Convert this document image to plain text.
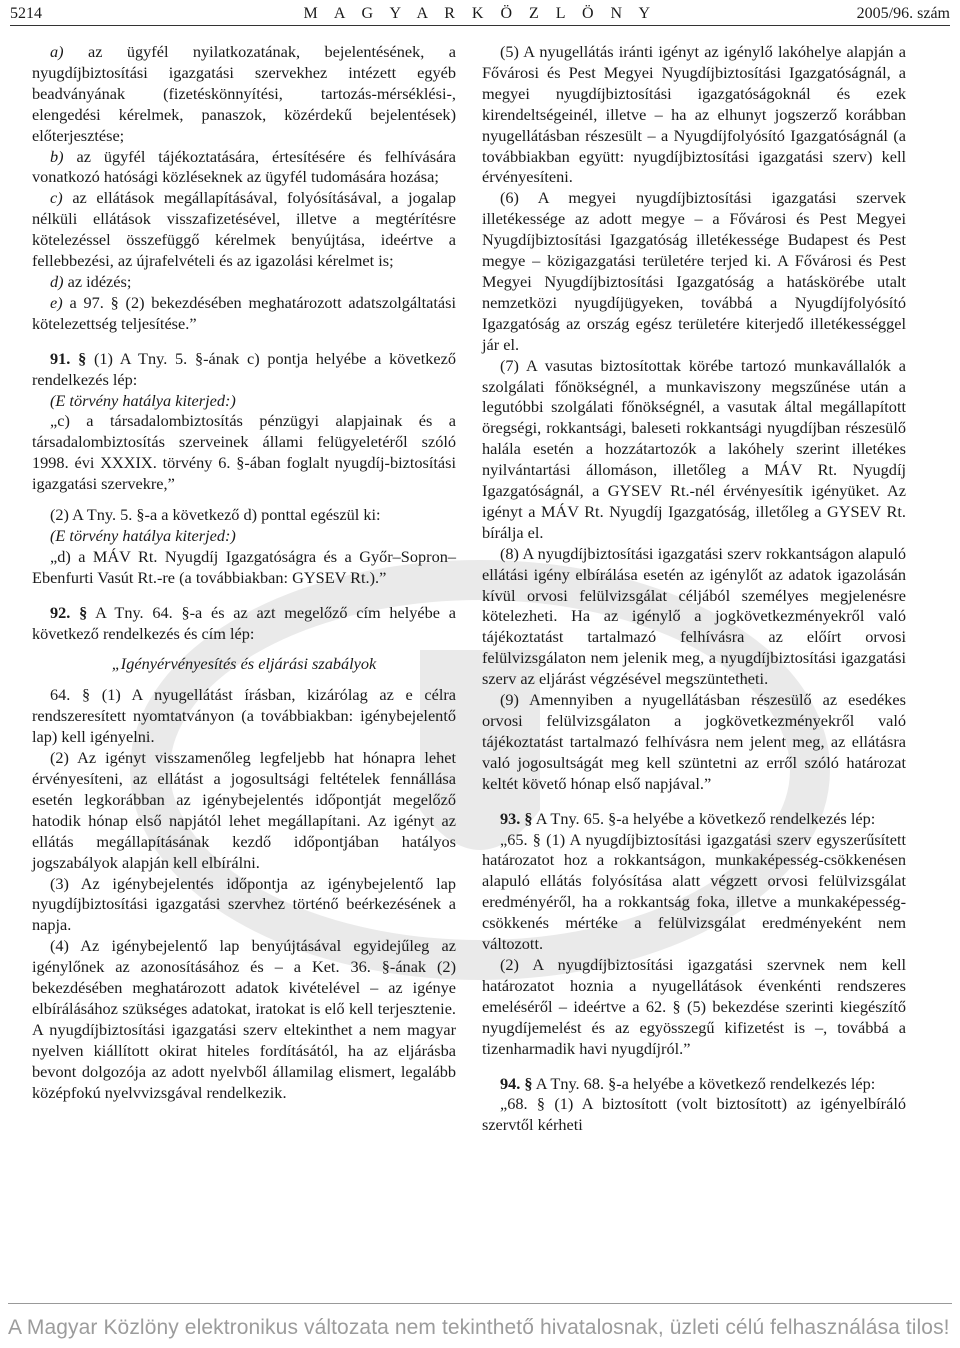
5214	M A G Y A R K Ö Z L Ö N Y	2005/96. szám

a) az ügyfél nyilatkozatának, bejelentésének, a nyugdíjbiztosítási igazgatási szervekhez intézett egyéb beadványának (fizetéskönnyítési, tartozás-mérséklési-, elengedési kérelmek, panaszok, közérdekű bejelentések) előterjesztése;

b) az ügyfél tájékoztatására, értesítésére és felhívására vonatkozó hatósági közléseknek az ügyfél tudomására hozása;

c) az ellátások megállapításával, folyósításával, a jogalap nélküli ellátások visszafizetésével, illetve a megtérítésre kötelezéssel összefüggő kérelmek benyújtása, ideértve a fellebbezési, az újrafelvételi és az igazolási kérelmet is;

d) az idézés;

e) a 97. § (2) bekezdésében meghatározott adatszolgáltatási kötelezettség teljesítése.”

91. § (1) A Tny. 5. §-ának c) pontja helyébe a következő rendelkezés lép:

(E törvény hatálya kiterjed:)

„c) a társadalombiztosítás pénzügyi alapjainak és a társadalombiztosítás szerveinek állami felügyeletéről szóló 1998. évi XXXIX. törvény 6. §-ában foglalt nyugdíj-biztosítási igazgatási szervekre,”

(2) A Tny. 5. §-a a következő d) ponttal egészül ki:

(E törvény hatálya kiterjed:)

„d) a MÁV Rt. Nyugdíj Igazgatóságra és a Győr–Sopron–Ebenfurti Vasút Rt.-re (a továbbiakban: GYSEV Rt.).”

92. § A Tny. 64. §-a és az azt megelőző cím helyébe a következő rendelkezés és cím lép:

„Igényérvényesítés és eljárási szabályok

64. § (1) A nyugellátást írásban, kizárólag az e célra rendszeresített nyomtatványon (a továbbiakban: igénybejelentő lap) kell igényelni.

(2) Az igényt visszamenőleg legfeljebb hat hónapra lehet érvényesíteni, az ellátást a jogosultsági feltételek fennállása esetén legkorábban az igénybejelentés időpontját megelőző hatodik hónap első napjától lehet megállapítani. Az igényt az ellátás megállapításának kezdő időpontjában hatályos jogszabályok alapján kell elbírálni.

(3) Az igénybejelentés időpontja az igénybejelentő lap nyugdíjbiztosítási igazgatási szervhez történő beérkezésének a napja.

(4) Az igénybejelentő lap benyújtásával egyidejűleg az igénylőnek az azonosításához és – a Ket. 36. §-ának (2) bekezdésében meghatározott adatok kivételével – az igénye elbírálásához szükséges adatokat, iratokat is elő kell terjesztenie. A nyugdíjbiztosítási igazgatási szerv eltekinthet a nem magyar nyelven kiállított okirat hiteles fordításától, ha az eljárásba bevont dolgozója az adott nyelvből államilag elismert, legalább középfokú nyelvvizsgával rendelkezik.

(5) A nyugellátás iránti igényt az igénylő lakóhelye alapján a Fővárosi és Pest Megyei Nyugdíjbiztosítási Igazgatóságnál, a megyei nyugdíjbiztosítási igazgatóságoknál és ezek kirendeltségeinél, illetve – ha az elhunyt jogszerző korábban nyugellátásban részesült – a Nyugdíjfolyósító Igazgatóságnál (a továbbiakban együtt: nyugdíjbiztosítási igazgatási szerv) kell érvényesíteni.

(6) A megyei nyugdíjbiztosítási igazgatási szervek illetékessége az adott megye – a Fővárosi és Pest Megyei Nyugdíjbiztosítási Igazgatóság illetékessége Budapest és Pest megye – közigazgatási területére terjed ki. A Fővárosi és Pest Megyei Nyugdíjbiztosítási Igazgatóság a hatáskörébe utalt nemzetközi nyugdíjügyeken, továbbá a Nyugdíjfolyósító Igazgatóság az ország egész területére kiterjedő illetékességgel jár el.

(7) A vasutas biztosítottak körébe tartozó munkavállalók a szolgálati főnökségnél, a munkaviszony megszűnése után a legutóbbi szolgálati főnökségnél, a vasutak által megállapított öregségi, rokkantsági, baleseti rokkantsági nyugdíjban részesülő halála esetén a hozzátartozók a lakóhely szerint illetékes nyilvántartási állomáson, illetőleg a MÁV Rt. Nyugdíj Igazgatóságnál, a GYSEV Rt.-nél érvényesítik igényüket. Az igényt a MÁV Rt. Nyugdíj Igazgatóság, illetőleg a GYSEV Rt. bírálja el.

(8) A nyugdíjbiztosítási igazgatási szerv rokkantságon alapuló ellátási igény elbírálása esetén az igénylőt az adatok igazolásán kívül orvosi felülvizsgálat céljából személyes megjelenésre kötelezheti. Ha az igénylő a jogkövetkezményekről való tájékoztatást tartalmazó felhívásra az előírt orvosi felülvizsgálaton nem jelenik meg, a nyugdíjbiztosítási igazgatási szerv az eljárást végzésével megszüntetheti.

(9) Amennyiben a nyugellátásban részesülő az esedékes orvosi felülvizsgálaton a jogkövetkezményekről való tájékoztatást tartalmazó felhívásra nem jelent meg, az ellátásra való jogosultságát meg kell szüntetni az erről szóló határozat keltét követő hónap első napjával.”

93. § A Tny. 65. §-a helyébe a következő rendelkezés lép:

„65. § (1) A nyugdíjbiztosítási igazgatási szerv egyszerűsített határozatot hoz a rokkantságon, munkaképesség-csökkenésen alapuló ellátás folyósítása alatt végzett orvosi felülvizsgálat eredményéről, ha a rokkantság foka, illetve a munkaképesség-csökkenés mértéke a felülvizsgálat eredményeként nem változott.

(2) A nyugdíjbiztosítási igazgatási szervnek nem kell határozatot hoznia a nyugellátások évenkénti rendszeres emeléséről – ideértve a 62. § (5) bekezdése szerinti kiegészítő nyugdíjemelést és az egyösszegű kifizetést is –, továbbá a tizenharmadik havi nyugdíjról.”

94. § A Tny. 68. §-a helyébe a következő rendelkezés lép:

„68. § (1) A biztosított (volt biztosított) az igényelbíráló szervtől kérheti

A Magyar Közlöny elektronikus változata nem tekinthető hivatalosnak, üzleti célú felhasználása tilos!
